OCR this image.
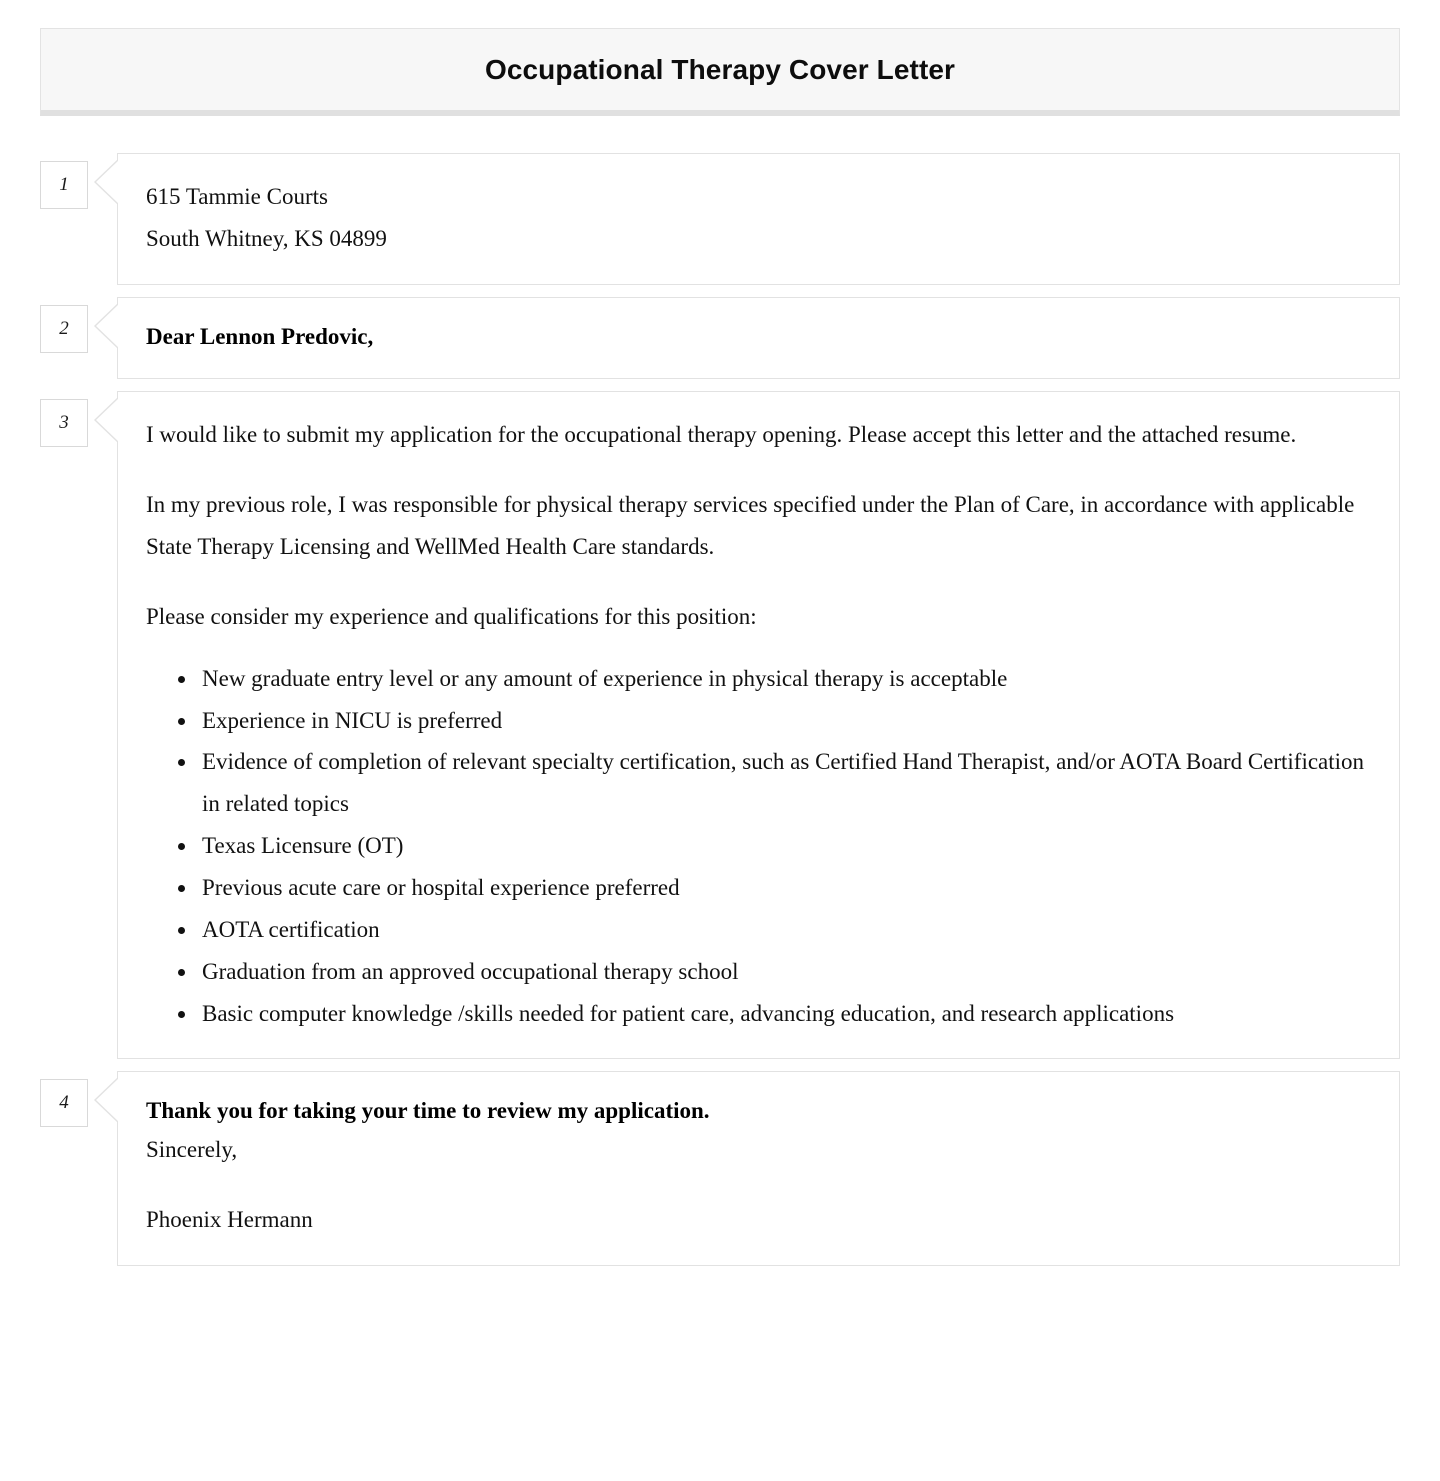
Occupational Therapy Cover Letter
1	615 Tammie Courts

South Whitney, KS 04899

2	Dear Lennon Predovic,

3	I would like to submit my application for the occupational therapy opening. Please accept this letter and the attached resume.

In my previous role, I was responsible for physical therapy services specified under the Plan of Care, in accordance with applicable State Therapy Licensing and WellMed Health Care standards.

Please consider my experience and qualifications for this position:

• New graduate entry level or any amount of experience in physical therapy is acceptable
• Experience in NICU is preferred
• Evidence of completion of relevant specialty certification, such as Certified Hand Therapist, and/or AOTA Board Certification in related topics
• Texas Licensure (OT)
• Previous acute care or hospital experience preferred
• AOTA certification
• Graduation from an approved occupational therapy school
• Basic computer knowledge /skills needed for patient care, advancing education, and research applications
4	Thank you for taking your time to review my application.

Sincerely,

Phoenix Hermann
